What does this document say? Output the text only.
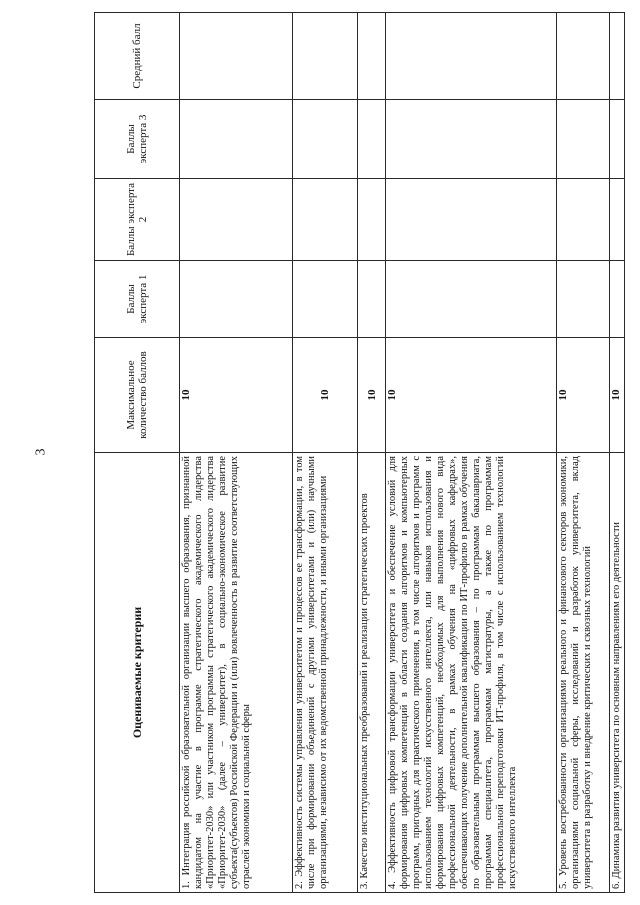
3
Оцениваемые критерии	Максимальное количество баллов	Баллы эксперта 1	Баллы эксперта 2	Баллы эксперта 3	Средний балл
1. Интеграция российской образовательной организации высшего образования, признанной кандидатом на участие в программе стратегического академического лидерства «Приоритет-2030» или участником программы стратегического академического лидерства «Приоритет-2030» (далее – университет), в социально-экономическое развитие субъекта(субъектов) Российской Федерации и (или) вовлеченность в развитие соответствующих отраслей экономики и социальной сферы	10				
2. Эффективность системы управления университетом и процессов ее трансформации, в том числе при формировании объединений с другими университетами и (или) научными организациями, независимо от их ведомственной принадлежности, и иными организациями	10				
3. Качество институциональных преобразований и реализации стратегических проектов	10				
4. Эффективность цифровой трансформации университета и обеспечение условий для формирования цифровых компетенций в области создания алгоритмов и компьютерных программ, пригодных для практического применения, в том числе алгоритмов и программ с использованием технологий искусственного интеллекта, или навыков использования и формирования цифровых компетенций, необходимых для выполнения нового вида профессиональной деятельности, в рамках обучения на «цифровых кафедрах», обеспечивающих получение дополнительной квалификации по ИТ-профилю в рамках обучения по образовательным программам высшего образования – по программам бакалавриата, программам специалитета, программам магистратуры, а также по программам профессиональной переподготовки ИТ-профиля, в том числе с использованием технологий искусственного интеллекта	10				
5. Уровень востребованности организациями реального и финансового секторов экономики, организациями социальной сферы, исследований и разработок университета, вклад университета в разработку и внедрение критических и сквозных технологий	10				
6. Динамика развития университета по основным направлениям его деятельности	10				
